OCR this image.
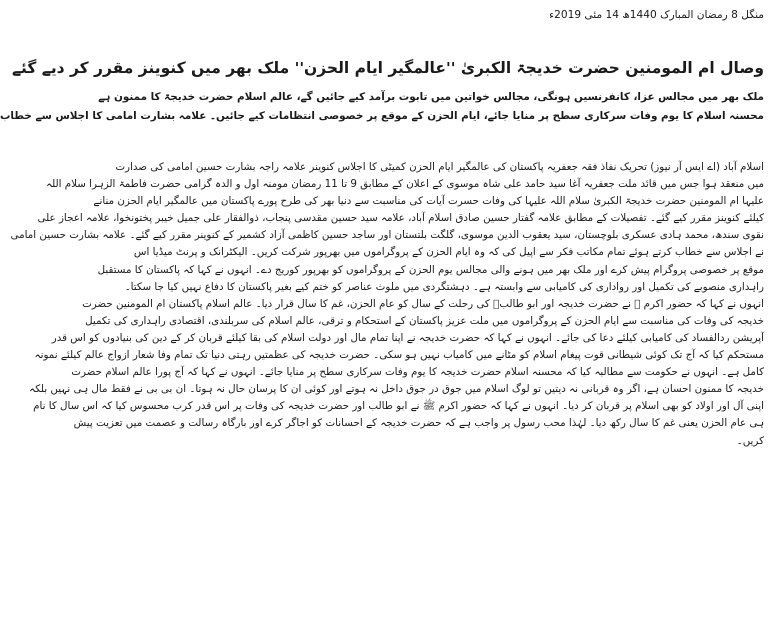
منگل 8 رمضان المبارک 1440ھ 14 مئی 2019ء
وصال ام المومنین حضرت خدیجۃ الکبریٰ ''عالمگیر ایام الحزن'' ملک بھر میں کنوینز مقرر کر دیے گئے

ملک بھر میں مجالس عزا، کانفرنسیں ہونگی، مجالس خواتین میں تابوت برآمد کیے جائیں گے، عالم اسلام حضرت خدیجۃ کا ممنون ہے

محسنہ اسلام کا یوم وفات سرکاری سطح پر منایا جائے، ایام الحزن کے موقع پر خصوصی انتظامات کیے جائیں۔ علامہ بشارت امامی کا اجلاس سے خطاب

اسلام آباد (اے ایس آر نیوز) تحریک نفاذ فقہ جعفریہ پاکستان کی عالمگیر ایام الحزن کمیٹی کا اجلاس کنوینر علامہ راجہ بشارت حسین امامی کی صدارت

میں منعقد ہوا جس میں قائد ملت جعفریہ آغا سید حامد علی شاہ موسوی کے اعلان کے مطابق 9 تا 11 رمضان مومنہ اول و الدہ گرامی حضرت فاطمۃ الزہرا سلام اللہ

علیہا ام المومنین حضرت خدیجۃ الکبریٰ سلام اللہ علیہا کی وفات حسرت آیات کی مناسبت سے دنیا بھر کی طرح پورے پاکستان میں عالمگیر ایام الحزن منانے

کیلئے کنوینز مقرر کیے گئے۔ تفصیلات کے مطابق علامہ گفتار حسین صادق اسلام آباد، علامہ سید حسین مقدسی پنجاب، ذوالفقار علی جمیل خیبر پختونخوا، علامہ اعجاز علی

نقوی سندھ، محمد ہادی عسکری بلوچستان، سید یعقوب الدین موسوی، گلگت بلتستان اور ساجد حسین کاظمی آزاد کشمیر کے کنوینر مقرر کیے گئے۔ علامہ بشارت حسین امامی

نے اجلاس سے خطاب کرتے ہوئے تمام مکاتب فکر سے اپیل کی کہ وہ ایام الحزن کے پروگراموں میں بھرپور شرکت کریں۔ الیکٹرانک و پرنٹ میڈیا اس

موقع پر خصوصی پروگرام پیش کرے اور ملک بھر میں ہونے والی مجالس یوم الحزن کے پروگراموں کو بھرپور کوریج دے۔ انہوں نے کہا کہ پاکستان کا مستقبل

راہداری منصوبے کی تکمیل اور رواداری کی کامیابی سے وابستہ ہے۔ دہشتگردی میں ملوث عناصر کو ختم کیے بغیر پاکستان کا دفاع نہیں کیا جا سکتا۔

انہوں نے کہا کہ حضور اکرم ﷺ نے حضرت خدیجہ اور ابو طالبؑ کی رحلت کے سال کو عام الحزن، غم کا سال قرار دیا۔ عالم اسلام پاکستان ام المومنین حضرت

خدیجہ کی وفات کی مناسبت سے ایام الحزن کے پروگراموں میں ملت عزیز پاکستان کے استحکام و ترقی، عالم اسلام کی سربلندی، اقتصادی راہداری کی تکمیل

آپریشن ردالفساد کی کامیابی کیلئے دعا کی جائے۔ انہوں نے کہا کہ حضرت خدیجہ نے اپنا تمام مال اور دولت اسلام کی بقا کیلئے قربان کر کے دین کی بنیادوں کو اس قدر

مستحکم کیا کہ آج تک کوئی شیطانی قوت پیغام اسلام کو مٹانے میں کامیاب نہیں ہو سکی۔ حضرت خدیجہ کی عظمتیں رہتی دنیا تک تمام وفا شعار ازواج عالم کیلئے نمونہ

کامل ہے۔ انہوں نے حکومت سے مطالبہ کیا کہ محسنہ اسلام حضرت خدیجہ کا یوم وفات سرکاری سطح پر منایا جائے۔ انہوں نے کہا کہ آج پورا عالم اسلام حضرت

خدیجہ کا ممنون احسان ہے، اگر وہ قربانی نہ دیتیں تو لوگ اسلام میں جوق در جوق داخل نہ ہوتے اور کوئی ان کا پرسان حال نہ ہوتا۔ ان بی بی نے فقط مال ہی نہیں بلکہ

اپنی آل اور اولاد کو بھی اسلام پر قربان کر دیا۔ انہوں نے کہا کہ حضور اکرم ﷺ نے ابو طالب اور حضرت خدیجہ کی وفات پر اس قدر کرب محسوس کیا کہ اس سال کا نام

ہی عام الحزن یعنی غم کا سال رکھ دیا۔ لہٰذا محب رسول پر واجب ہے کہ حضرت خدیجہ کے احسانات کو اجاگر کرے اور بارگاہ رسالت و عصمت میں تعزیت پیش

کریں۔
